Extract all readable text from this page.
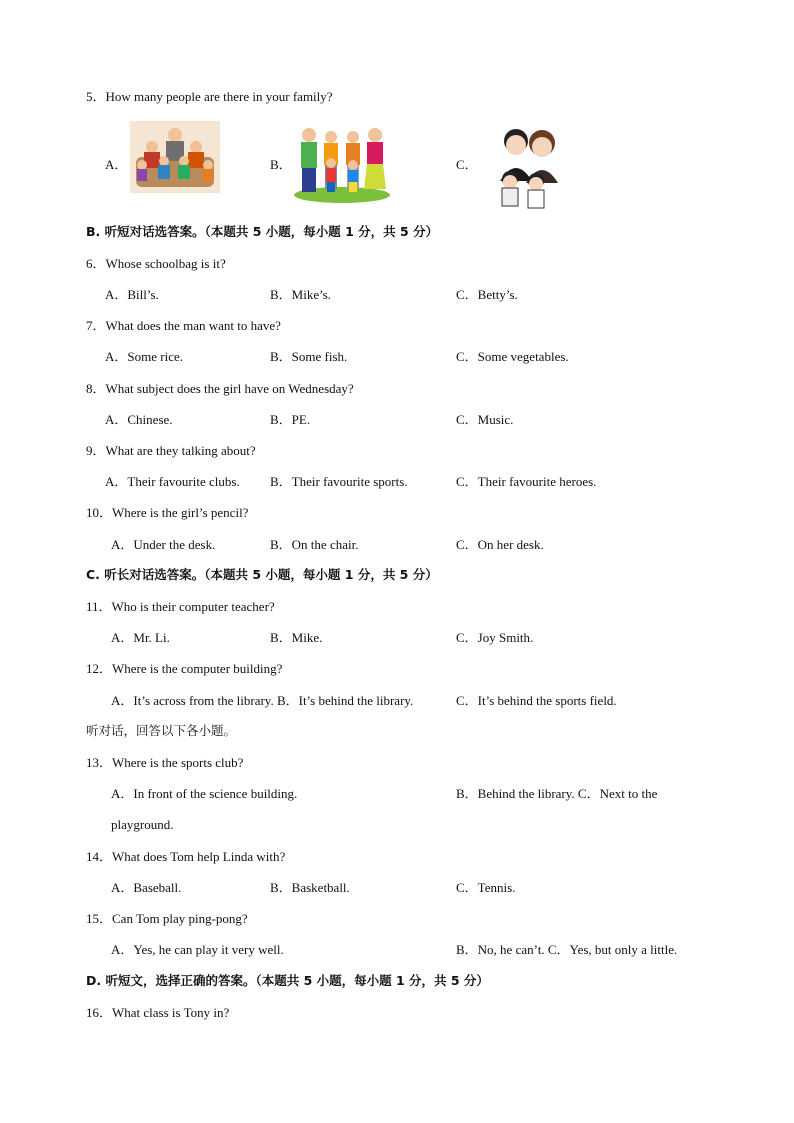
5．How many people are there in your family?
A．	B．	C．
B. 听短对话选答案。（本题共 5 小题，每小题 1 分，共 5 分）
6．Whose schoolbag is it?
A．Bill’s.	B．Mike’s.	C．Betty’s.
7．What does the man want to have?
A．Some rice.	B．Some fish.	C．Some vegetables.
8．What subject does the girl have on Wednesday?
A．Chinese.	B．PE.	C．Music.
9．What are they talking about?
A．Their favourite clubs. B．Their favourite sports.	C．Their favourite heroes.
10．Where is the girl’s pencil?
A．Under the desk.	B．On the chair.	C．On her desk.
C. 听长对话选答案。（本题共 5 小题，每小题 1 分，共 5 分）
11．Who is their computer teacher?
A．Mr. Li.	B．Mike.	C．Joy Smith.
12．Where is the computer building?
A．It’s across from the library. B．It’s behind the library.	C．It’s behind the sports field.
听对话，回答以下各小题。
13．Where is the sports club?
A．In front of the science building.	B．Behind the library. C．Next to the
playground.
14．What does Tom help Linda with?
A．Baseball.	B．Basketball.	C．Tennis.
15．Can Tom play ping-pong?
A．Yes, he can play it very well.	B．No, he can’t. C．Yes, but only a little.
D. 听短文，选择正确的答案。（本题共 5 小题，每小题 1 分，共 5 分）
16．What class is Tony in?
